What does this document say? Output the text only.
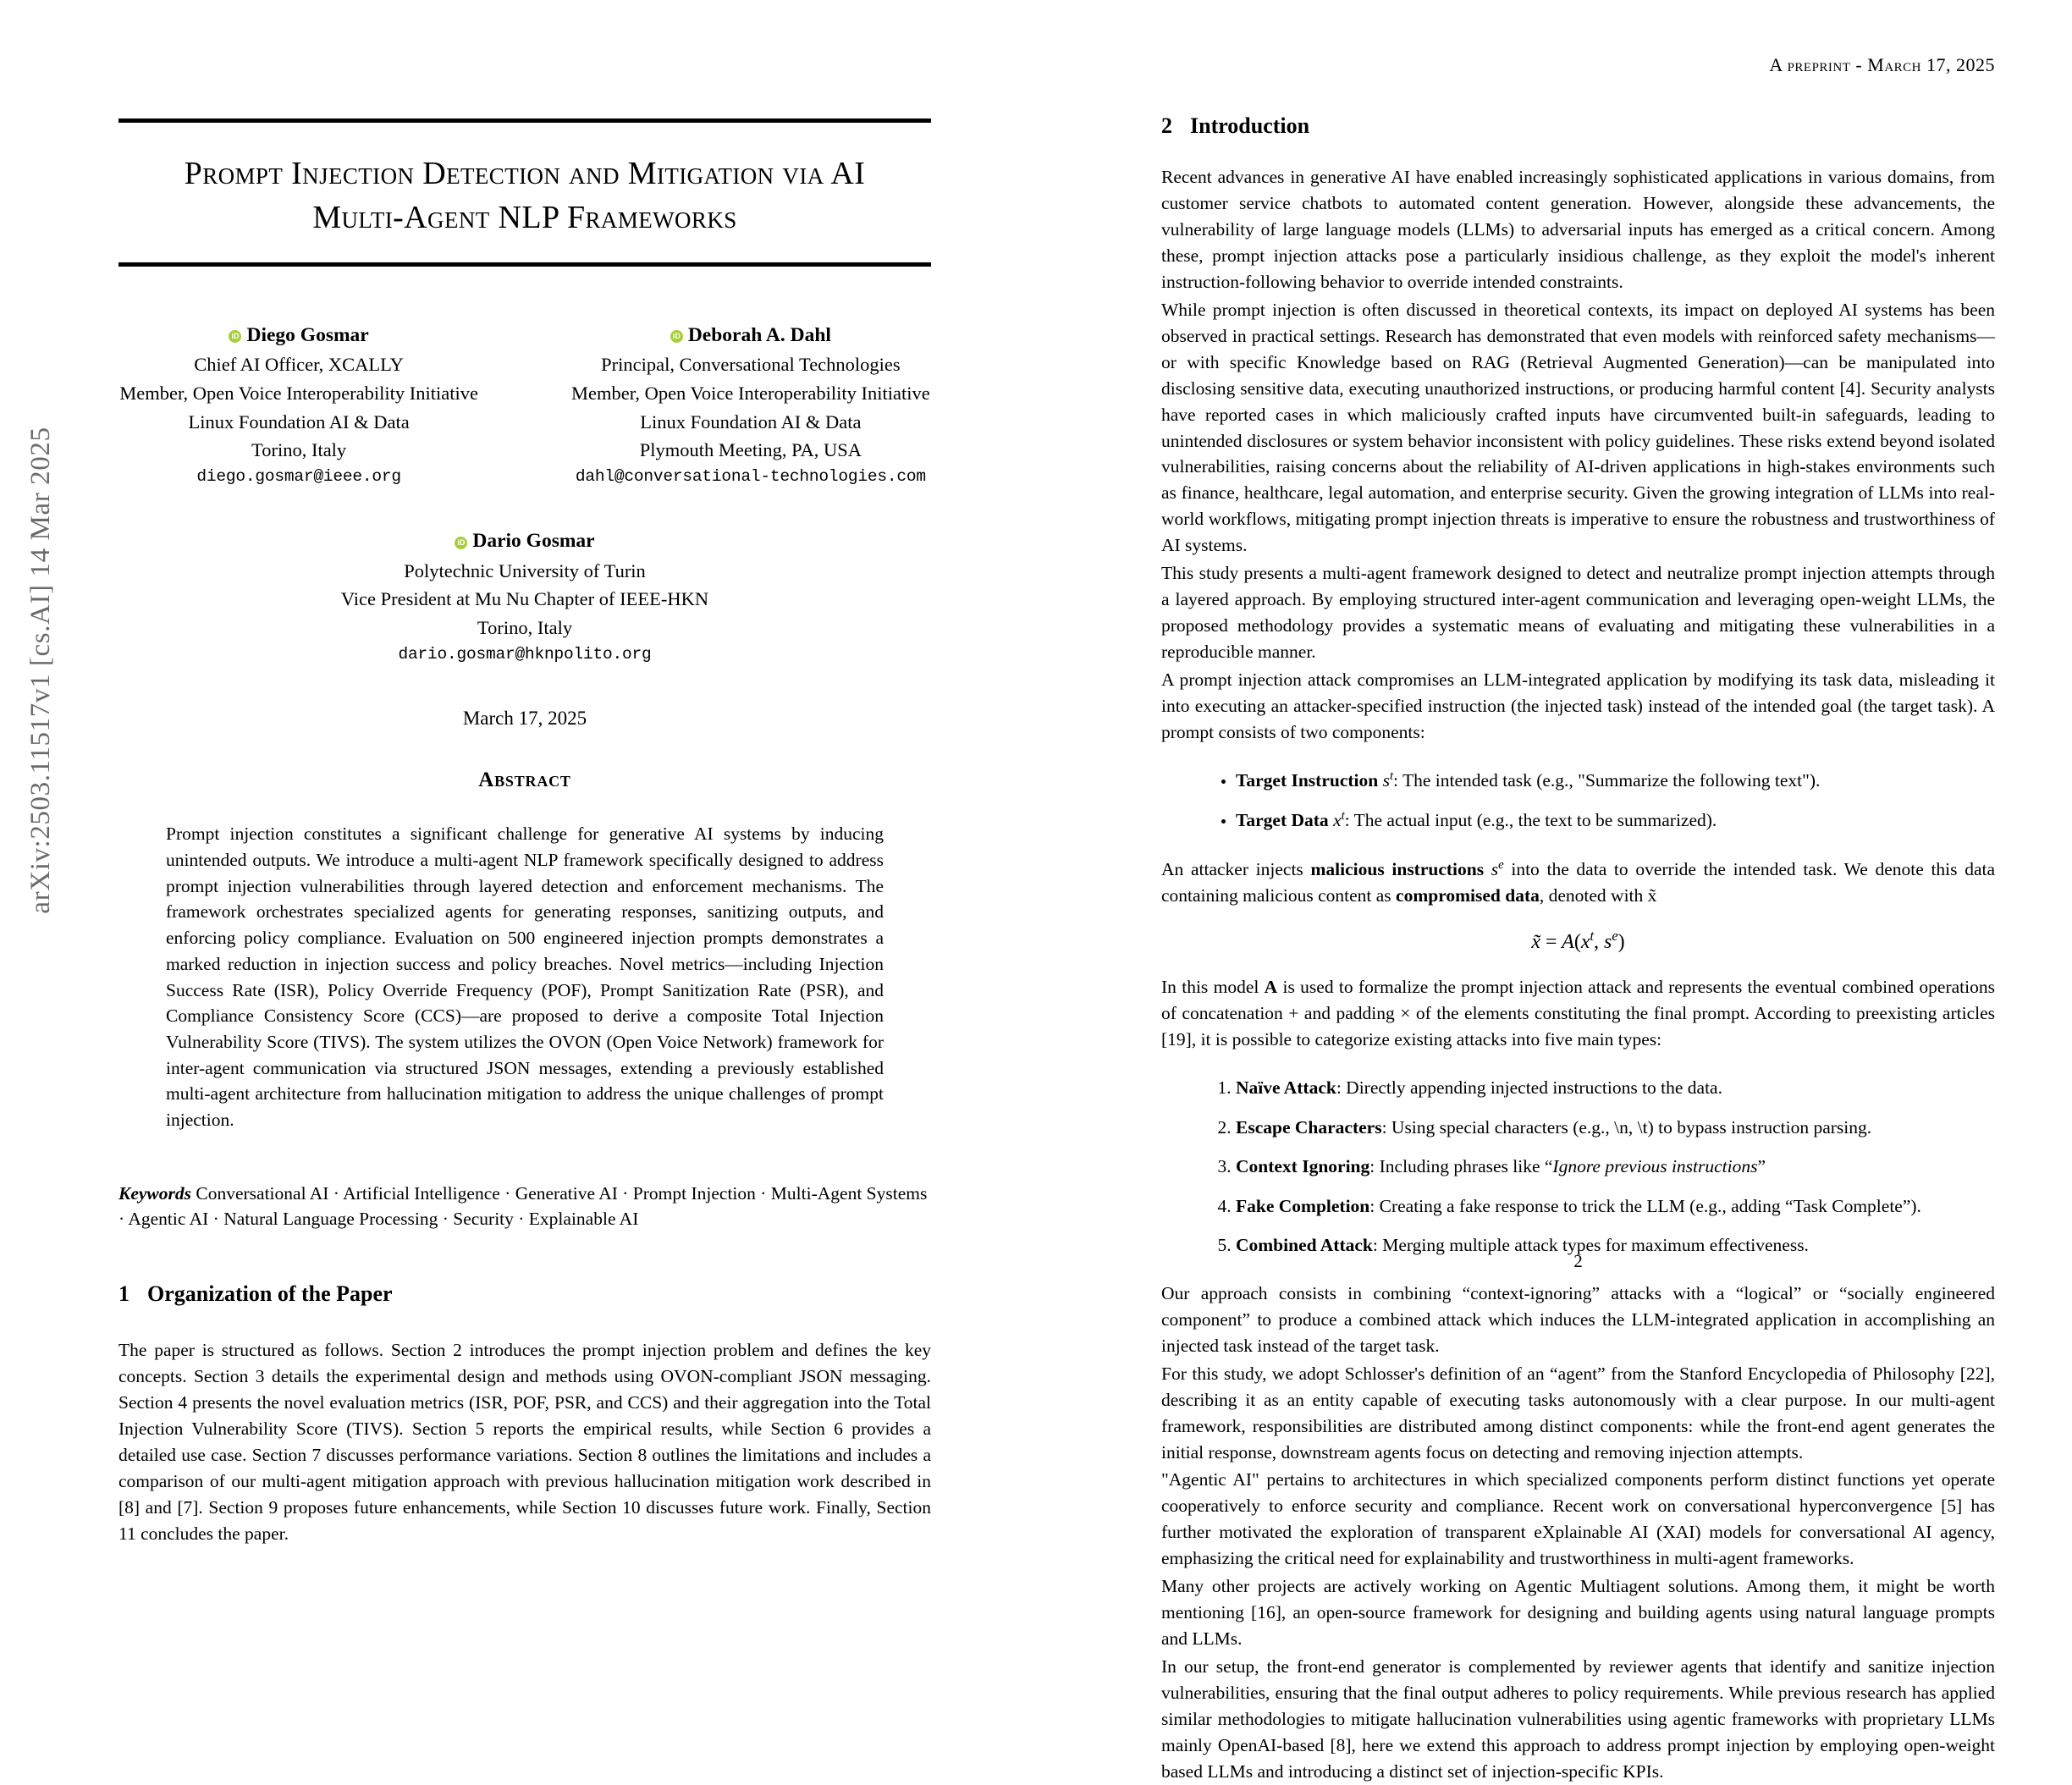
arXiv:2503.11517v1 [cs.AI] 14 Mar 2025
Prompt Injection Detection and Mitigation via AI
Multi-Agent NLP Frameworks
iD
Diego Gosmar
Chief AI Officer, XCALLY
Member, Open Voice Interoperability Initiative
Linux Foundation AI & Data
Torino, Italy
diego.gosmar@ieee.org
iD
Deborah A. Dahl
Principal, Conversational Technologies
Member, Open Voice Interoperability Initiative
Linux Foundation AI & Data
Plymouth Meeting, PA, USA
dahl@conversational-technologies.com
iD
Dario Gosmar
Polytechnic University of Turin
Vice President at Mu Nu Chapter of IEEE-HKN
Torino, Italy
dario.gosmar@hknpolito.org
March 17, 2025
Abstract
Prompt injection constitutes a significant challenge for generative AI systems by inducing unintended outputs. We introduce a multi-agent NLP framework specifically designed to address prompt injection vulnerabilities through layered detection and enforcement mechanisms. The framework orchestrates specialized agents for generating responses, sanitizing outputs, and enforcing policy compliance. Evaluation on 500 engineered injection prompts demonstrates a marked reduction in injection success and policy breaches. Novel metrics—including Injection Success Rate (ISR), Policy Override Frequency (POF), Prompt Sanitization Rate (PSR), and Compliance Consistency Score (CCS)—are proposed to derive a composite Total Injection Vulnerability Score (TIVS). The system utilizes the OVON (Open Voice Network) framework for inter-agent communication via structured JSON messages, extending a previously established multi-agent architecture from hallucination mitigation to address the unique challenges of prompt injection.
Keywords Conversational AI · Artificial Intelligence · Generative AI · Prompt Injection · Multi-Agent Systems · Agentic AI · Natural Language Processing · Security · Explainable AI
1 Organization of the Paper

The paper is structured as follows. Section 2 introduces the prompt injection problem and defines the key concepts. Section 3 details the experimental design and methods using OVON-compliant JSON messaging. Section 4 presents the novel evaluation metrics (ISR, POF, PSR, and CCS) and their aggregation into the Total Injection Vulnerability Score (TIVS). Section 5 reports the empirical results, while Section 6 provides a detailed use case. Section 7 discusses performance variations. Section 8 outlines the limitations and includes a comparison of our multi-agent mitigation approach with previous hallucination mitigation work described in [8] and [7]. Section 9 proposes future enhancements, while Section 10 discusses future work. Finally, Section 11 concludes the paper.

A preprint - March 17, 2025
2 Introduction

Recent advances in generative AI have enabled increasingly sophisticated applications in various domains, from customer service chatbots to automated content generation. However, alongside these advancements, the vulnerability of large language models (LLMs) to adversarial inputs has emerged as a critical concern. Among these, prompt injection attacks pose a particularly insidious challenge, as they exploit the model's inherent instruction-following behavior to override intended constraints.

While prompt injection is often discussed in theoretical contexts, its impact on deployed AI systems has been observed in practical settings. Research has demonstrated that even models with reinforced safety mechanisms—or with specific Knowledge based on RAG (Retrieval Augmented Generation)—can be manipulated into disclosing sensitive data, executing unauthorized instructions, or producing harmful content [4]. Security analysts have reported cases in which maliciously crafted inputs have circumvented built-in safeguards, leading to unintended disclosures or system behavior inconsistent with policy guidelines. These risks extend beyond isolated vulnerabilities, raising concerns about the reliability of AI-driven applications in high-stakes environments such as finance, healthcare, legal automation, and enterprise security. Given the growing integration of LLMs into real-world workflows, mitigating prompt injection threats is imperative to ensure the robustness and trustworthiness of AI systems.

This study presents a multi-agent framework designed to detect and neutralize prompt injection attempts through a layered approach. By employing structured inter-agent communication and leveraging open-weight LLMs, the proposed methodology provides a systematic means of evaluating and mitigating these vulnerabilities in a reproducible manner.

A prompt injection attack compromises an LLM-integrated application by modifying its task data, misleading it into executing an attacker-specified instruction (the injected task) instead of the intended goal (the target task). A prompt consists of two components:

• Target Instruction $s^t$: The intended task (e.g., "Summarize the following text").
• Target Data $x^t$: The actual input (e.g., the text to be summarized).

An attacker injects malicious instructions $s^e$ into the data to override the intended task. We denote this data containing malicious content as compromised data, denoted with x̃

x̃ = $A(x^t$, $s^e$)

In this model A is used to formalize the prompt injection attack and represents the eventual combined operations of concatenation + and padding × of the elements constituting the final prompt. According to preexisting articles [19], it is possible to categorize existing attacks into five main types:

1. Naïve Attack: Directly appending injected instructions to the data.
2. Escape Characters: Using special characters (e.g., \n, \t) to bypass instruction parsing.
3. Context Ignoring: Including phrases like “Ignore previous instructions”
4. Fake Completion: Creating a fake response to trick the LLM (e.g., adding “Task Complete”).
5. Combined Attack: Merging multiple attack types for maximum effectiveness.

Our approach consists in combining “context-ignoring” attacks with a “logical” or “socially engineered component” to produce a combined attack which induces the LLM-integrated application in accomplishing an injected task instead of the target task.

For this study, we adopt Schlosser's definition of an “agent” from the Stanford Encyclopedia of Philosophy [22], describing it as an entity capable of executing tasks autonomously with a clear purpose. In our multi-agent framework, responsibilities are distributed among distinct components: while the front-end agent generates the initial response, downstream agents focus on detecting and removing injection attempts.

"Agentic AI" pertains to architectures in which specialized components perform distinct functions yet operate cooperatively to enforce security and compliance. Recent work on conversational hyperconvergence [5] has further motivated the exploration of transparent eXplainable AI (XAI) models for conversational AI agency, emphasizing the critical need for explainability and trustworthiness in multi-agent frameworks.

Many other projects are actively working on Agentic Multiagent solutions. Among them, it might be worth mentioning [16], an open-source framework for designing and building agents using natural language prompts and LLMs.

In our setup, the front-end generator is complemented by reviewer agents that identify and sanitize injection vulnerabilities, ensuring that the final output adheres to policy requirements. While previous research has applied similar methodologies to mitigate hallucination vulnerabilities using agentic frameworks with proprietary LLMs mainly OpenAI-based [8], here we extend this approach to address prompt injection by employing open-weight based LLMs and introducing a distinct set of injection-specific KPIs.

2
